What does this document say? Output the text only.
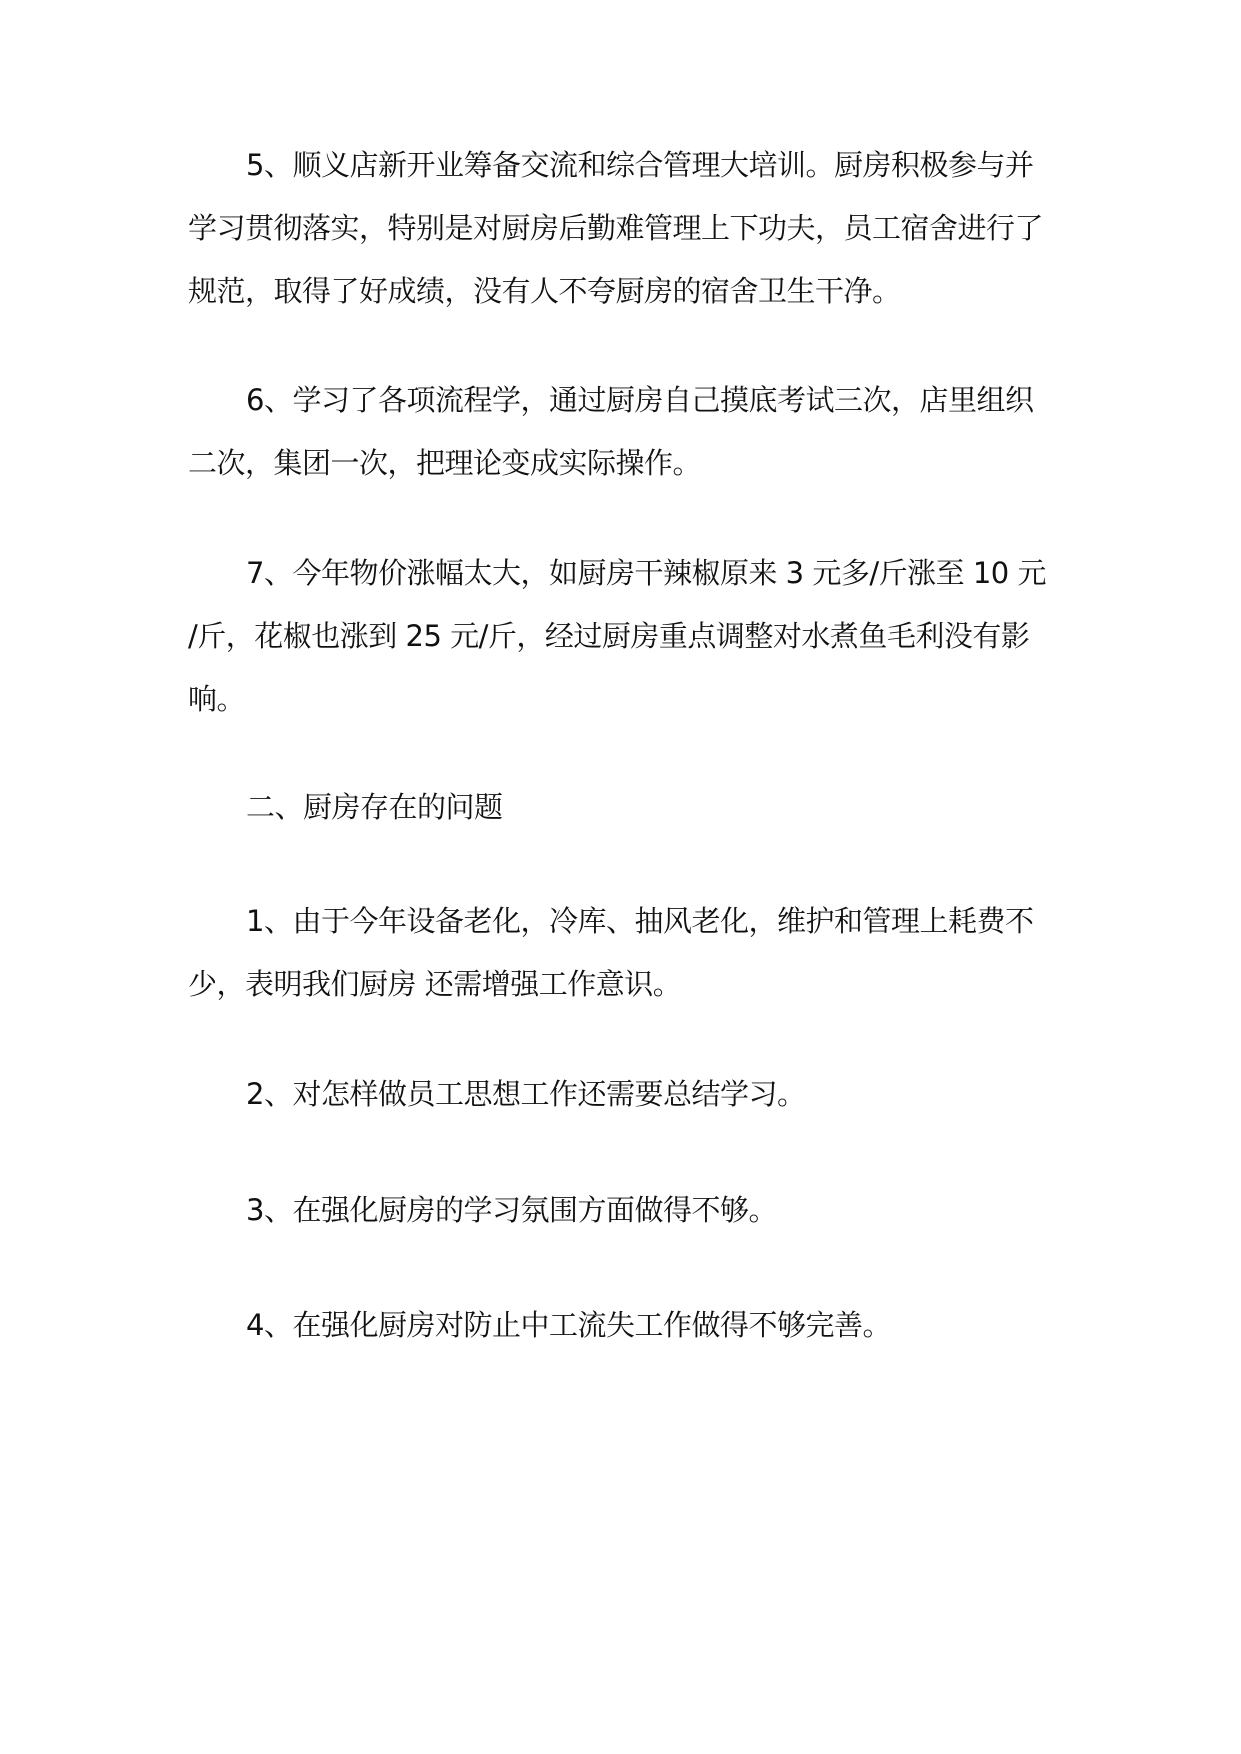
5、顺义店新开业筹备交流和综合管理大培训。厨房积极参与并
学习贯彻落实，特别是对厨房后勤难管理上下功夫，员工宿舍进行了
规范，取得了好成绩，没有人不夸厨房的宿舍卫生干净。

6、学习了各项流程学，通过厨房自己摸底考试三次，店里组织
二次，集团一次，把理论变成实际操作。

7、今年物价涨幅太大，如厨房干辣椒原来 3 元多/斤涨至 10 元
/斤，花椒也涨到 25 元/斤，经过厨房重点调整对水煮鱼毛利没有影
响。

二、厨房存在的问题

1、由于今年设备老化，冷库、抽风老化，维护和管理上耗费不
少，表明我们厨房 还需增强工作意识。

2、对怎样做员工思想工作还需要总结学习。

3、在强化厨房的学习氛围方面做得不够。

4、在强化厨房对防止中工流失工作做得不够完善。
